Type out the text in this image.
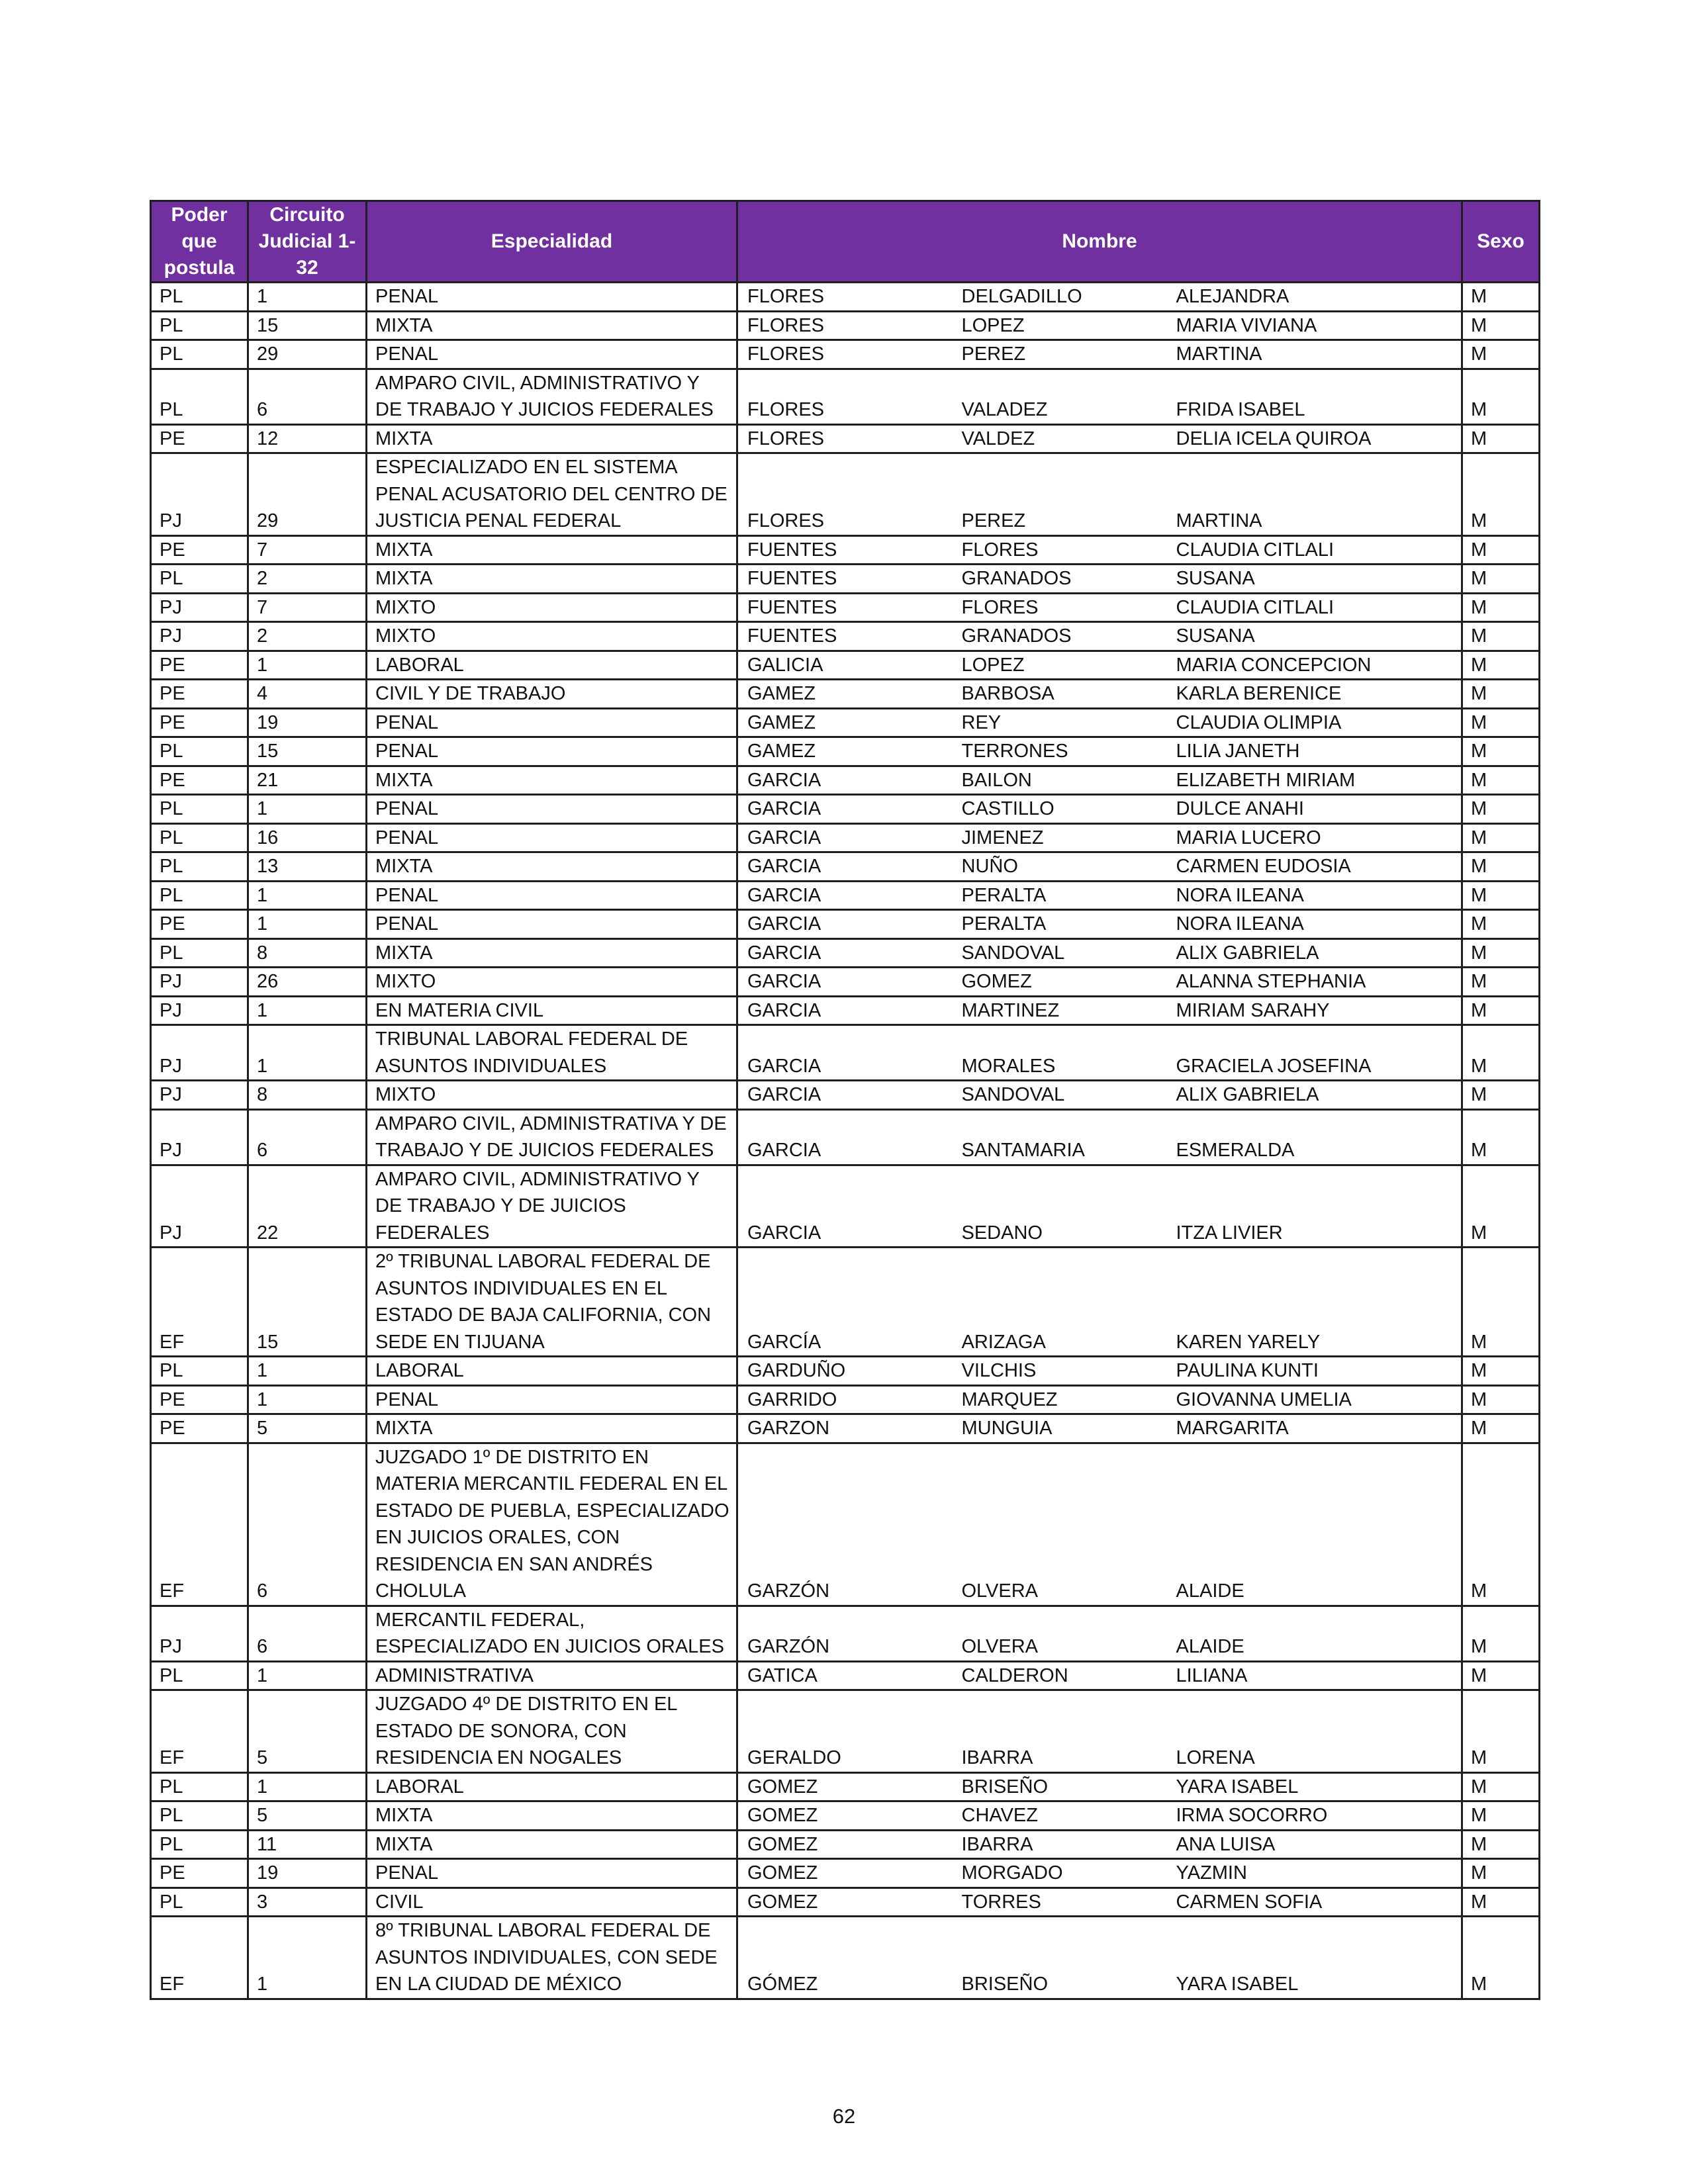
Poder que postula	Circuito Judicial 1-32	Especialidad	Nombre			Sexo
PL	1	PENAL	FLORES	DELGADILLO	ALEJANDRA	M
PL	15	MIXTA	FLORES	LOPEZ	MARIA VIVIANA	M
PL	29	PENAL	FLORES	PEREZ	MARTINA	M
PL	6	AMPARO CIVIL, ADMINISTRATIVO Y DE TRABAJO Y JUICIOS FEDERALES	FLORES	VALADEZ	FRIDA ISABEL	M
PE	12	MIXTA	FLORES	VALDEZ	DELIA ICELA QUIROA	M
PJ	29	ESPECIALIZADO EN EL SISTEMA PENAL ACUSATORIO DEL CENTRO DE JUSTICIA PENAL FEDERAL	FLORES	PEREZ	MARTINA	M
PE	7	MIXTA	FUENTES	FLORES	CLAUDIA CITLALI	M
PL	2	MIXTA	FUENTES	GRANADOS	SUSANA	M
PJ	7	MIXTO	FUENTES	FLORES	CLAUDIA CITLALI	M
PJ	2	MIXTO	FUENTES	GRANADOS	SUSANA	M
PE	1	LABORAL	GALICIA	LOPEZ	MARIA CONCEPCION	M
PE	4	CIVIL Y DE TRABAJO	GAMEZ	BARBOSA	KARLA BERENICE	M
PE	19	PENAL	GAMEZ	REY	CLAUDIA OLIMPIA	M
PL	15	PENAL	GAMEZ	TERRONES	LILIA JANETH	M
PE	21	MIXTA	GARCIA	BAILON	ELIZABETH MIRIAM	M
PL	1	PENAL	GARCIA	CASTILLO	DULCE ANAHI	M
PL	16	PENAL	GARCIA	JIMENEZ	MARIA LUCERO	M
PL	13	MIXTA	GARCIA	NUÑO	CARMEN EUDOSIA	M
PL	1	PENAL	GARCIA	PERALTA	NORA ILEANA	M
PE	1	PENAL	GARCIA	PERALTA	NORA ILEANA	M
PL	8	MIXTA	GARCIA	SANDOVAL	ALIX GABRIELA	M
PJ	26	MIXTO	GARCIA	GOMEZ	ALANNA STEPHANIA	M
PJ	1	EN MATERIA CIVIL	GARCIA	MARTINEZ	MIRIAM SARAHY	M
PJ	1	TRIBUNAL LABORAL FEDERAL DE ASUNTOS INDIVIDUALES	GARCIA	MORALES	GRACIELA JOSEFINA	M
PJ	8	MIXTO	GARCIA	SANDOVAL	ALIX GABRIELA	M
PJ	6	AMPARO CIVIL, ADMINISTRATIVA Y DE TRABAJO Y DE JUICIOS FEDERALES	GARCIA	SANTAMARIA	ESMERALDA	M
PJ	22	AMPARO CIVIL, ADMINISTRATIVO Y DE TRABAJO Y DE JUICIOS FEDERALES	GARCIA	SEDANO	ITZA LIVIER	M
EF	15	2º TRIBUNAL LABORAL FEDERAL DE ASUNTOS INDIVIDUALES EN EL ESTADO DE BAJA CALIFORNIA, CON SEDE EN TIJUANA	GARCÍA	ARIZAGA	KAREN YARELY	M
PL	1	LABORAL	GARDUÑO	VILCHIS	PAULINA KUNTI	M
PE	1	PENAL	GARRIDO	MARQUEZ	GIOVANNA UMELIA	M
PE	5	MIXTA	GARZON	MUNGUIA	MARGARITA	M
EF	6	JUZGADO 1º DE DISTRITO EN MATERIA MERCANTIL FEDERAL EN EL ESTADO DE PUEBLA, ESPECIALIZADO EN JUICIOS ORALES, CON RESIDENCIA EN SAN ANDRÉS CHOLULA	GARZÓN	OLVERA	ALAIDE	M
PJ	6	MERCANTIL FEDERAL, ESPECIALIZADO EN JUICIOS ORALES	GARZÓN	OLVERA	ALAIDE	M
PL	1	ADMINISTRATIVA	GATICA	CALDERON	LILIANA	M
EF	5	JUZGADO 4º DE DISTRITO EN EL ESTADO DE SONORA, CON RESIDENCIA EN NOGALES	GERALDO	IBARRA	LORENA	M
PL	1	LABORAL	GOMEZ	BRISEÑO	YARA ISABEL	M
PL	5	MIXTA	GOMEZ	CHAVEZ	IRMA SOCORRO	M
PL	11	MIXTA	GOMEZ	IBARRA	ANA LUISA	M
PE	19	PENAL	GOMEZ	MORGADO	YAZMIN	M
PL	3	CIVIL	GOMEZ	TORRES	CARMEN SOFIA	M
EF	1	8º TRIBUNAL LABORAL FEDERAL DE ASUNTOS INDIVIDUALES, CON SEDE EN LA CIUDAD DE MÉXICO	GÓMEZ	BRISEÑO	YARA ISABEL	M
62
